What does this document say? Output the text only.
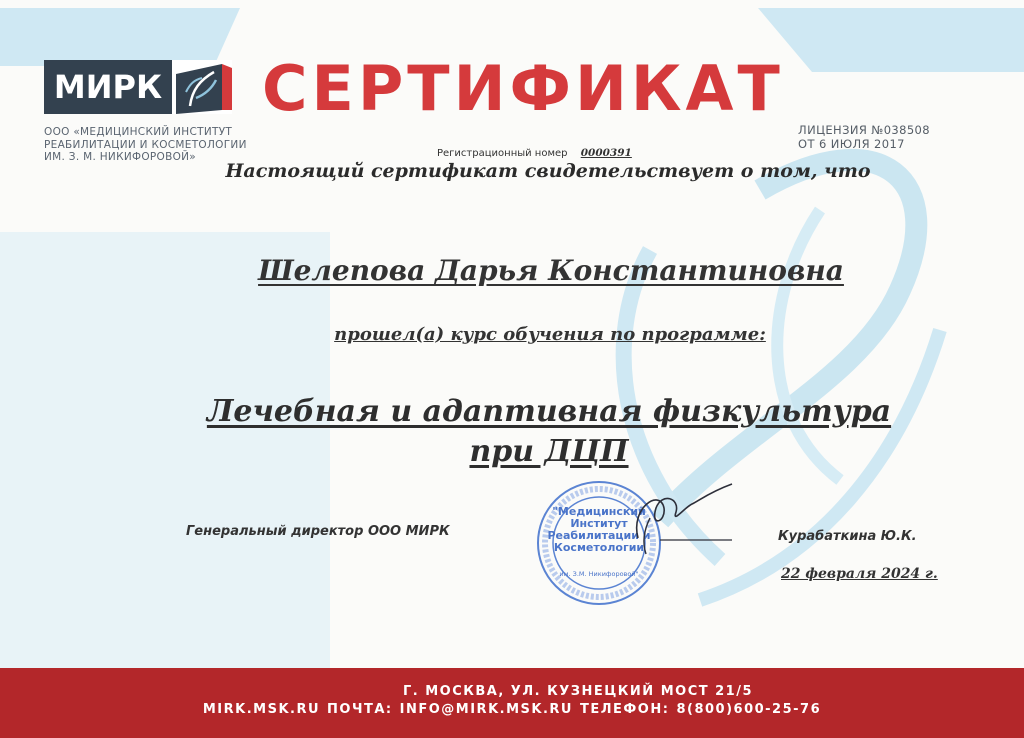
МИРК
ООО «МЕДИЦИНСКИЙ ИНСТИТУТ
РЕАБИЛИТАЦИИ И КОСМЕТОЛОГИИ
ИМ. З. М. НИКИФОРОВОЙ»
СЕРТИФИКАТ
ЛИЦЕНЗИЯ №038508
ОТ 6 ИЮЛЯ 2017
Регистрационный номер 0000391
Настоящий сертификат свидетельствует о том, что
Шелепова Дарья Константиновна
прошел(а) курс обучения по программе:
Лечебная и адаптивная физкультура
при ДЦП
Генеральный директор ООО МИРК
"Медицинский
Институт
Реабилитации и
Косметологии
им. З.М. Никифоровой"
Курабаткина Ю.К.
22 февраля 2024 г.
Г. МОСКВА, УЛ. КУЗНЕЦКИЙ МОСТ 21/5
MIRK.MSK.RU ПОЧТА: INFO@MIRK.MSK.RU ТЕЛЕФОН: 8(800)600-25-76
